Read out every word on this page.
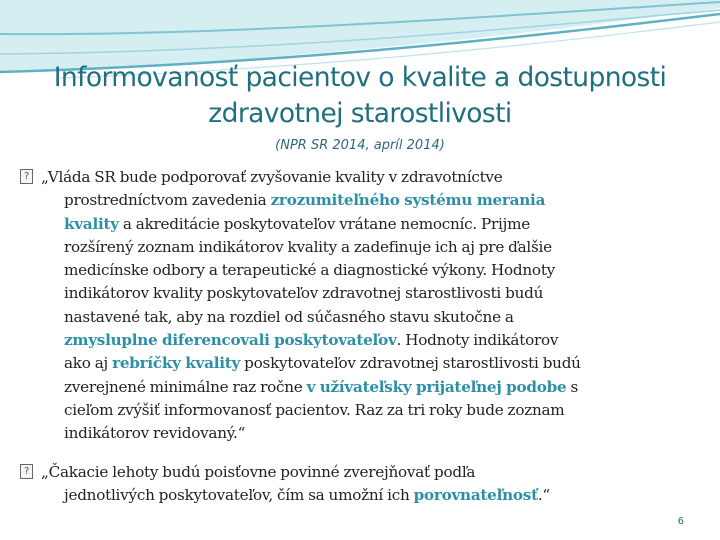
Informovanosť pacientov o kvalite a dostupnosti
zdravotnej starostlivosti
(NPR SR 2014, apríl 2014)
? „Vláda SR bude podporovať zvyšovanie kvality v zdravotníctve
prostredníctvom zavedenia zrozumiteľného systému merania
kvality a akreditácie poskytovateľov vrátane nemocníc. Prijme
rozšírený zoznam indikátorov kvality a zadefinuje ich aj pre ďalšie
medicínske odbory a terapeutické a diagnostické výkony. Hodnoty
indikátorov kvality poskytovateľov zdravotnej starostlivosti budú
nastavené tak, aby na rozdiel od súčasného stavu skutočne a
zmysluplne diferencovali poskytovateľov. Hodnoty indikátorov
ako aj rebríčky kvality poskytovateľov zdravotnej starostlivosti budú
zverejnené minimálne raz ročne v užívateľsky prijateľnej podobe s
cieľom zvýšiť informovanosť pacientov. Raz za tri roky bude zoznam
indikátorov revidovaný.“
? „Čakacie lehoty budú poisťovne povinné zverejňovať podľa
jednotlivých poskytovateľov, čím sa umožní ich porovnateľnosť.“
6
